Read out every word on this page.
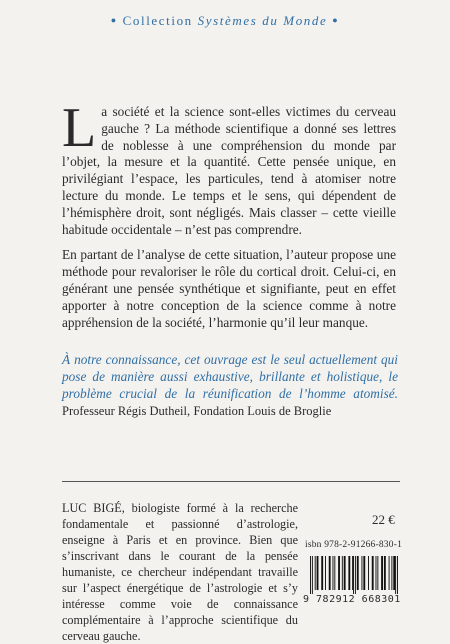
● Collection Systèmes du Monde ●

La société et la science sont-elles victimes du cerveau gauche ? La méthode scientifique a donné ses lettres de noblesse à une compréhension du monde par l’objet, la mesure et la quantité. Cette pensée unique, en privilégiant l’espace, les particules, tend à atomiser notre lecture du monde. Le temps et le sens, qui dépendent de l’hémisphère droit, sont négligés. Mais classer – cette vieille habitude occidentale – n’est pas comprendre.

En partant de l’analyse de cette situation, l’auteur propose une méthode pour revaloriser le rôle du cortical droit. Celui-ci, en générant une pensée synthétique et signifiante, peut en effet apporter à notre conception de la science comme à notre appréhension de la société, l’harmonie qu’il leur manque.

À notre connaissance, cet ouvrage est le seul actuellement qui pose de manière aussi exhaustive, brillante et holistique, le problème crucial de la réunification de l’homme atomisé. Professeur Régis Dutheil, Fondation Louis de Broglie
LUC BIGÉ, biologiste formé à la recherche fondamentale et passionné d’astrologie, enseigne à Paris et en province. Bien que s’inscrivant dans le courant de la pensée humaniste, ce chercheur indépendant travaille sur l’aspect énergétique de l’astrologie et s’y intéresse comme voie de connaissance complémentaire à l’approche scientifique du cerveau gauche.
22 €
isbn 978-2-91266-830-1
9 782912 668301
